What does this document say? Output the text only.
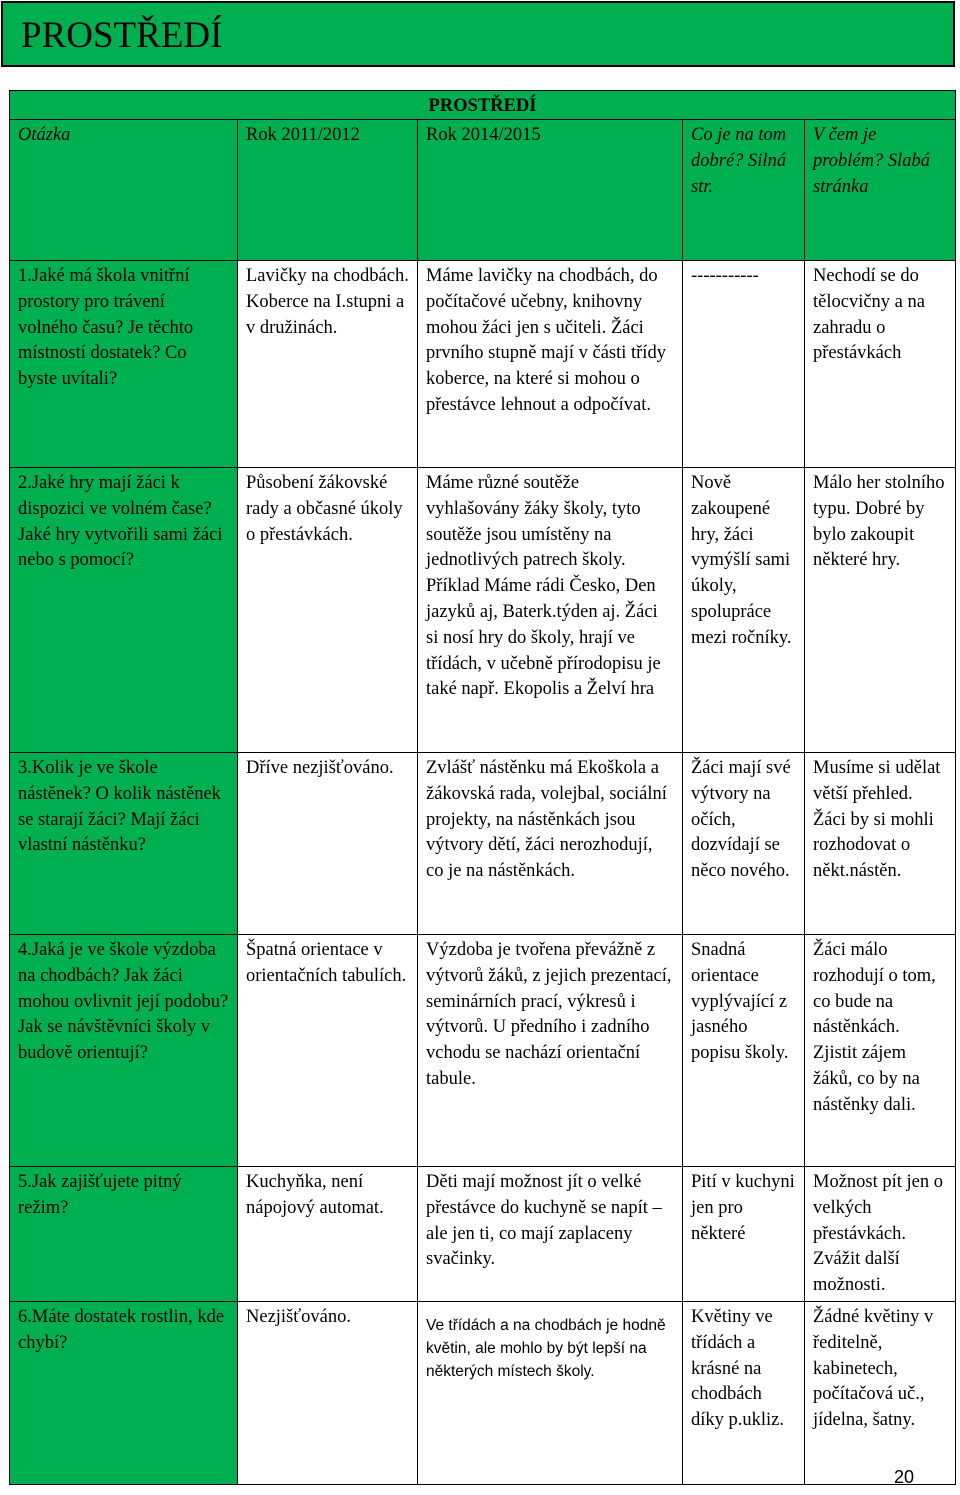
PROSTŘEDÍ
PROSTŘEDÍ				
Otázka	Rok 2011/2012	Rok 2014/2015	Co je na tom dobré? Silná str.	V čem je problém? Slabá stránka
1.Jaké má škola vnitřní prostory pro trávení volného času? Je těchto místností dostatek? Co byste uvítali?	Lavičky na chodbách. Koberce na I.stupni a v družinách.	Máme lavičky na chodbách, do počítačové učebny, knihovny mohou žáci jen s učiteli. Žáci prvního stupně mají v části třídy koberce, na které si mohou o přestávce lehnout a odpočívat.	-----------	Nechodí se do tělocvičny a na zahradu o přestávkách
2.Jaké hry mají žáci k dispozici ve volném čase? Jaké hry vytvořili sami žáci nebo s pomocí?	Působení žákovské rady a občasné úkoly o přestávkách.	Máme různé soutěže vyhlašovány žáky školy, tyto soutěže jsou umístěny na jednotlivých patrech školy. Příklad Máme rádi Česko, Den jazyků aj, Baterk.týden aj. Žáci si nosí hry do školy, hrají ve třídách, v učebně přírodopisu je také např. Ekopolis a Želví hra	Nově zakoupené hry, žáci vymýšlí sami úkoly, spolupráce mezi ročníky.	Málo her stolního typu. Dobré by bylo zakoupit některé hry.
3.Kolik je ve škole nástěnek? O kolik nástěnek se starají žáci? Mají žáci vlastní nástěnku?	Dříve nezjišťováno.	Zvlášť nástěnku má Ekoškola a žákovská rada, volejbal, sociální projekty, na nástěnkách jsou výtvory dětí, žáci nerozhodují, co je na nástěnkách.	Žáci mají své výtvory na očích, dozvídají se něco nového.	Musíme si udělat větší přehled. Žáci by si mohli rozhodovat o někt.nástěn.
4.Jaká je ve škole výzdoba na chodbách? Jak žáci mohou ovlivnit její podobu? Jak se návštěvníci školy v budově orientují?	Špatná orientace v orientačních tabulích.	Výzdoba je tvořena převážně z výtvorů žáků, z jejich prezentací, seminárních prací, výkresů i výtvorů. U předního i zadního vchodu se nachází orientační tabule.	Snadná orientace vyplývající z jasného popisu školy.	Žáci málo rozhodují o tom, co bude na nástěnkách. Zjistit zájem žáků, co by na nástěnky dali.
5.Jak zajišťujete pitný režim?	Kuchyňka, není nápojový automat.	Děti mají možnost jít o velké přestávce do kuchyně se napít – ale jen ti, co mají zaplaceny svačinky.	Pití v kuchyni jen pro některé	Možnost pít jen o velkých přestávkách. Zvážit další možnosti.
6.Máte dostatek rostlin, kde chybí?	Nezjišťováno.	Ve třídách a na chodbách je hodně květin, ale mohlo by být lepší na některých místech školy.	Květiny ve třídách a krásné na chodbách díky p.ukliz.	Žádné květiny v ředitelně, kabinetech, počítačová uč., jídelna, šatny.
20
